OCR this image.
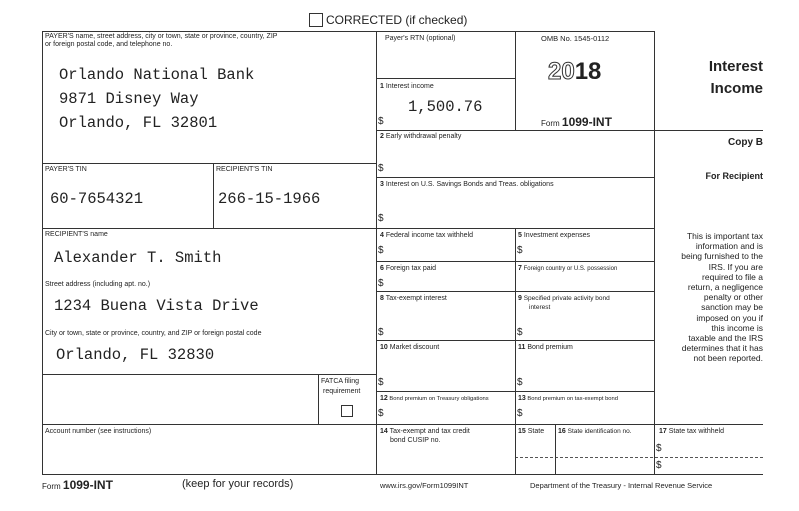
CORRECTED (if checked)
PAYER'S name, street address, city or town, state or province, country, ZIP
or foreign postal code, and telephone no.
Orlando National Bank
9871 Disney Way
Orlando, FL 32801
Payer's RTN (optional)
1 Interest income
1,500.76
$
OMB No. 1545-0112
2018
Form 1099-INT
Interest
Income
Copy B
For Recipient
2 Early withdrawal penalty
$
PAYER'S TIN
60-7654321
RECIPIENT'S TIN
266-15-1966
3 Interest on U.S. Savings Bonds and Treas. obligations
$
RECIPIENT'S name
Alexander T. Smith
Street address (including apt. no.)
1234 Buena Vista Drive
City or town, state or province, country, and ZIP or foreign postal code
Orlando, FL 32830
FATCA filing
requirement
4 Federal income tax withheld
$
5 Investment expenses
$
6 Foreign tax paid
$
7 Foreign country or U.S. possession
8 Tax-exempt interest
$
9 Specified private activity bond
interest
$
10 Market discount
$
11 Bond premium
$
12 Bond premium on Treasury obligations
$
13 Bond premium on tax-exempt bond
$
Account number (see instructions)	14 Tax-exempt and tax credit
bond CUSIP no.
15 State 16 State identification no.	17 State tax withheld
$
$
This is important tax
information and is
being furnished to the
IRS. If you are
required to file a
return, a negligence
penalty or other
sanction may be
imposed on you if
this income is
taxable and the IRS
determines that it has
not been reported.
Form 1099-INT	(keep for your records)	www.irs.gov/Form1099INT	Department of the Treasury - Internal Revenue Service
